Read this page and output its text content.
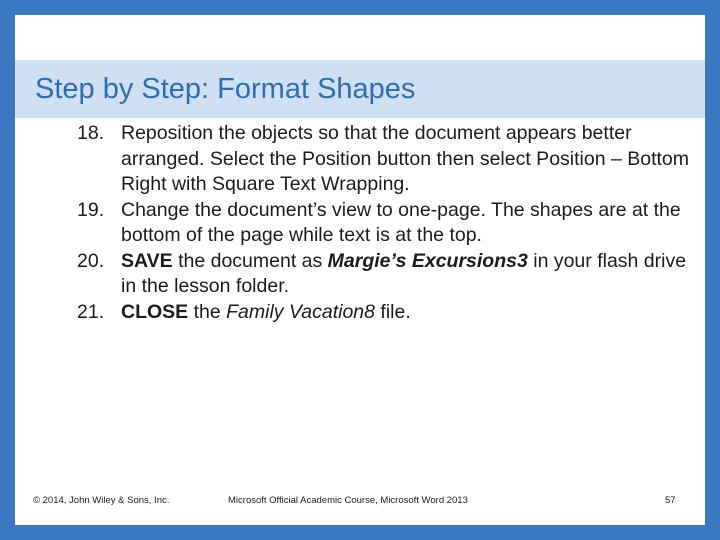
Step by Step: Format Shapes
18. Reposition the objects so that the document appears better arranged. Select the Position button then select Position – Bottom Right with Square Text Wrapping.
19. Change the document’s view to one-page. The shapes are at the bottom of the page while text is at the top.
20. SAVE the document as Margie’s Excursions3 in your flash drive in the lesson folder.
21. CLOSE the Family Vacation8 file.
© 2014, John Wiley & Sons, Inc.	Microsoft Official Academic Course, Microsoft Word 2013	57
